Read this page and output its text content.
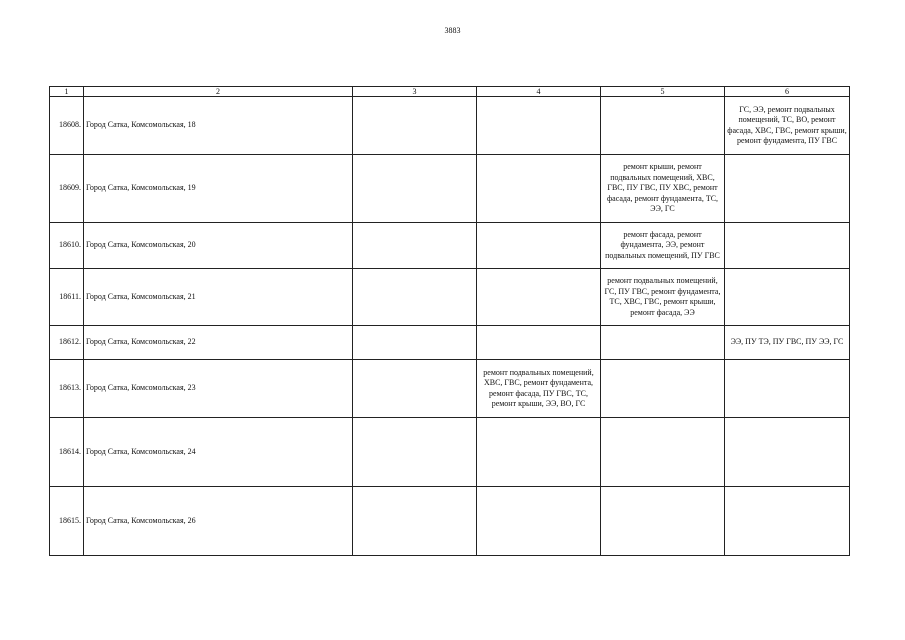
3883
1	2	3	4	5	6
18608.	Город Сатка, Комсомольская, 18				ГС, ЭЭ, ремонт подвальных помещений, ТС, ВО, ремонт фасада, ХВС, ГВС, ремонт крыши, ремонт фундамента, ПУ ГВС
18609.	Город Сатка, Комсомольская, 19			ремонт крыши, ремонт подвальных помещений, ХВС, ГВС, ПУ ГВС, ПУ ХВС, ремонт фасада, ремонт фундамента, ТС, ЭЭ, ГС	
18610.	Город Сатка, Комсомольская, 20			ремонт фасада, ремонт фундамента, ЭЭ, ремонт подвальных помещений, ПУ ГВС	
18611.	Город Сатка, Комсомольская, 21			ремонт подвальных помещений, ГС, ПУ ГВС, ремонт фундамента, ТС, ХВС, ГВС, ремонт крыши, ремонт фасада, ЭЭ	
18612.	Город Сатка, Комсомольская, 22				ЭЭ, ПУ ТЭ, ПУ ГВС, ПУ ЭЭ, ГС
18613.	Город Сатка, Комсомольская, 23		ремонт подвальных помещений, ХВС, ГВС, ремонт фундамента, ремонт фасада, ПУ ГВС, ТС, ремонт крыши, ЭЭ, ВО, ГС		
18614.	Город Сатка, Комсомольская, 24				
18615.	Город Сатка, Комсомольская, 26				
